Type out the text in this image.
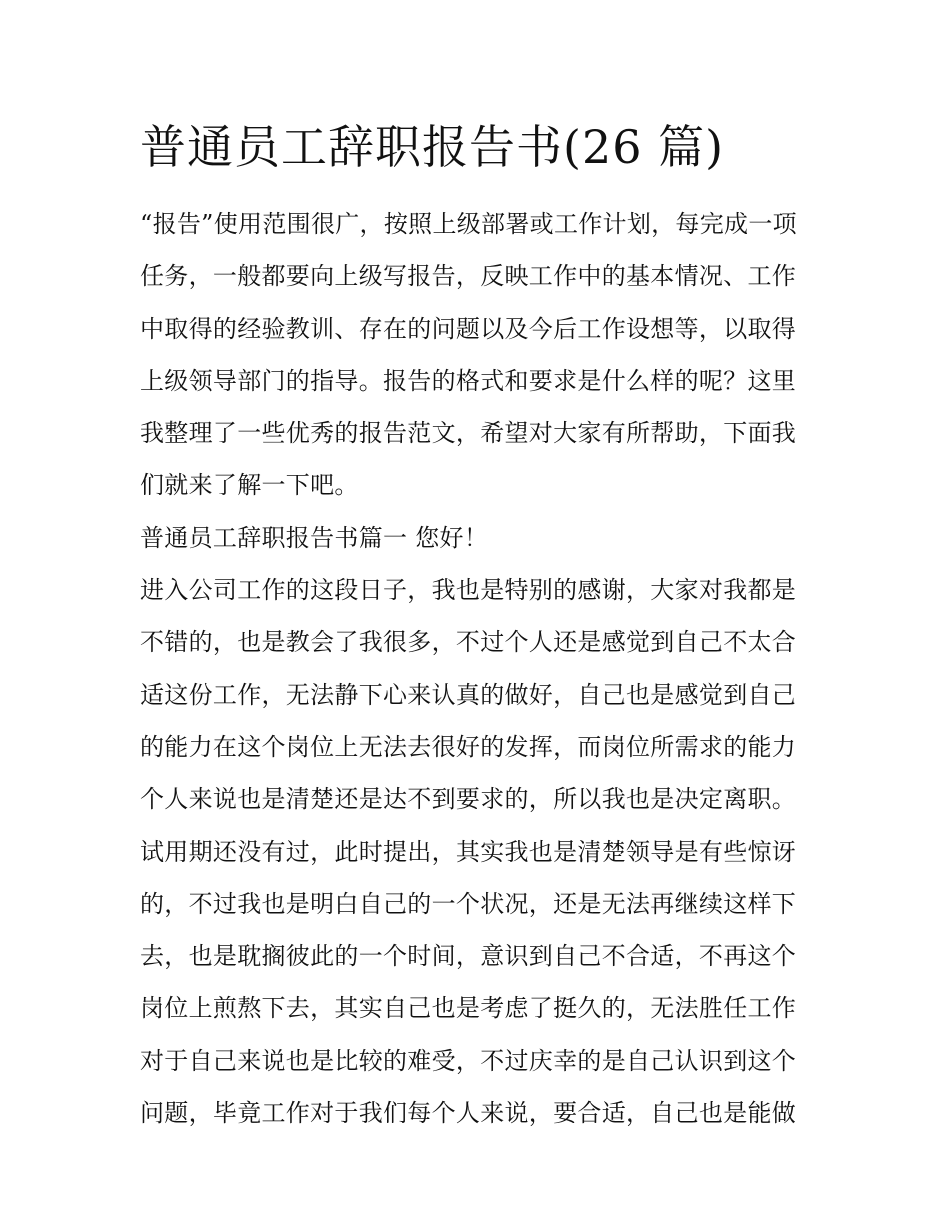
普通员工辞职报告书(26 篇)
“报告”使用范围很广，按照上级部署或工作计划，每完成一项
任务，一般都要向上级写报告，反映工作中的基本情况、工作
中取得的经验教训、存在的问题以及今后工作设想等，以取得
上级领导部门的指导。报告的格式和要求是什么样的呢？这里
我整理了一些优秀的报告范文，希望对大家有所帮助，下面我
们就来了解一下吧。
普通员工辞职报告书篇一 您好！
进入公司工作的这段日子，我也是特别的感谢，大家对我都是
不错的，也是教会了我很多，不过个人还是感觉到自己不太合
适这份工作，无法静下心来认真的做好，自己也是感觉到自己
的能力在这个岗位上无法去很好的发挥，而岗位所需求的能力
个人来说也是清楚还是达不到要求的，所以我也是决定离职。
试用期还没有过，此时提出，其实我也是清楚领导是有些惊讶
的，不过我也是明白自己的一个状况，还是无法再继续这样下
去，也是耽搁彼此的一个时间，意识到自己不合适，不再这个
岗位上煎熬下去，其实自己也是考虑了挺久的，无法胜任工作
对于自己来说也是比较的难受，不过庆幸的是自己认识到这个
问题，毕竟工作对于我们每个人来说，要合适，自己也是能做
